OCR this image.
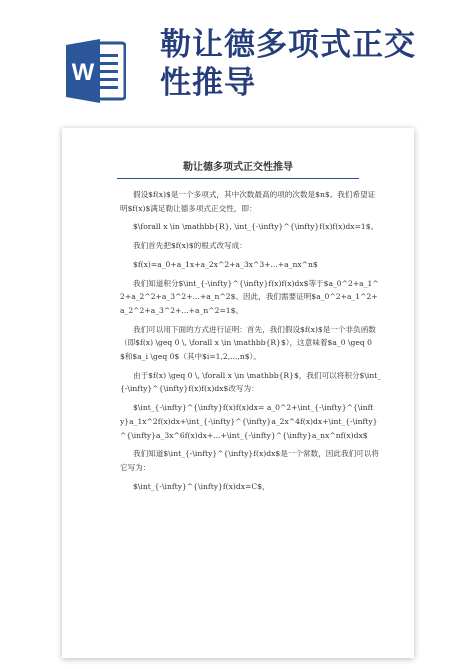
W
勒让德多项式正交
性推导
勒让德多项式正交性推导

假设$f(x)$是一个多项式，其中次数最高的项的次数是$n$。我们希望证明$f(x)$满足勒让德多项式正交性，即：

$\forall x \in \mathbb{R}, \int_{-\infty}^{\infty}f(x)f(x)dx=1$。

我们首先把$f(x)$的根式改写成：

$f(x)=a_0+a_1x+a_2x^2+a_3x^3+...+a_nx^n$

我们知道积分$\int_{-\infty}^{\infty}f(x)f(x)dx$等于$a_0^2+a_1^2+a_2^2+a_3^2+...+a_n^2$。因此，我们需要证明$a_0^2+a_1^2+a_2^2+a_3^2+...+a_n^2=1$。

我们可以用下面的方式进行证明：首先，我们假设$f(x)$是一个非负函数（即$f(x) \geq 0 \, \forall x \in \mathbb{R}$），这意味着$a_0 \geq 0$和$a_i \geq 0$（其中$i=1,2,...,n$）。

由于$f(x) \geq 0 \, \forall x \in \mathbb{R}$，我们可以将积分$\int_{-\infty}^{\infty}f(x)f(x)dx$改写为：

$\int_{-\infty}^{\infty}f(x)f(x)dx= a_0^2+\int_{-\infty}^{\infty}a_1x^2f(x)dx+\int_{-\infty}^{\infty}a_2x^4f(x)dx+\int_{-\infty}^{\infty}a_3x^6f(x)dx+...+\int_{-\infty}^{\infty}a_nx^nf(x)dx$

我们知道$\int_{-\infty}^{\infty}f(x)dx$是一个常数，因此我们可以将它写为：

$\int_{-\infty}^{\infty}f(x)dx=C$，
